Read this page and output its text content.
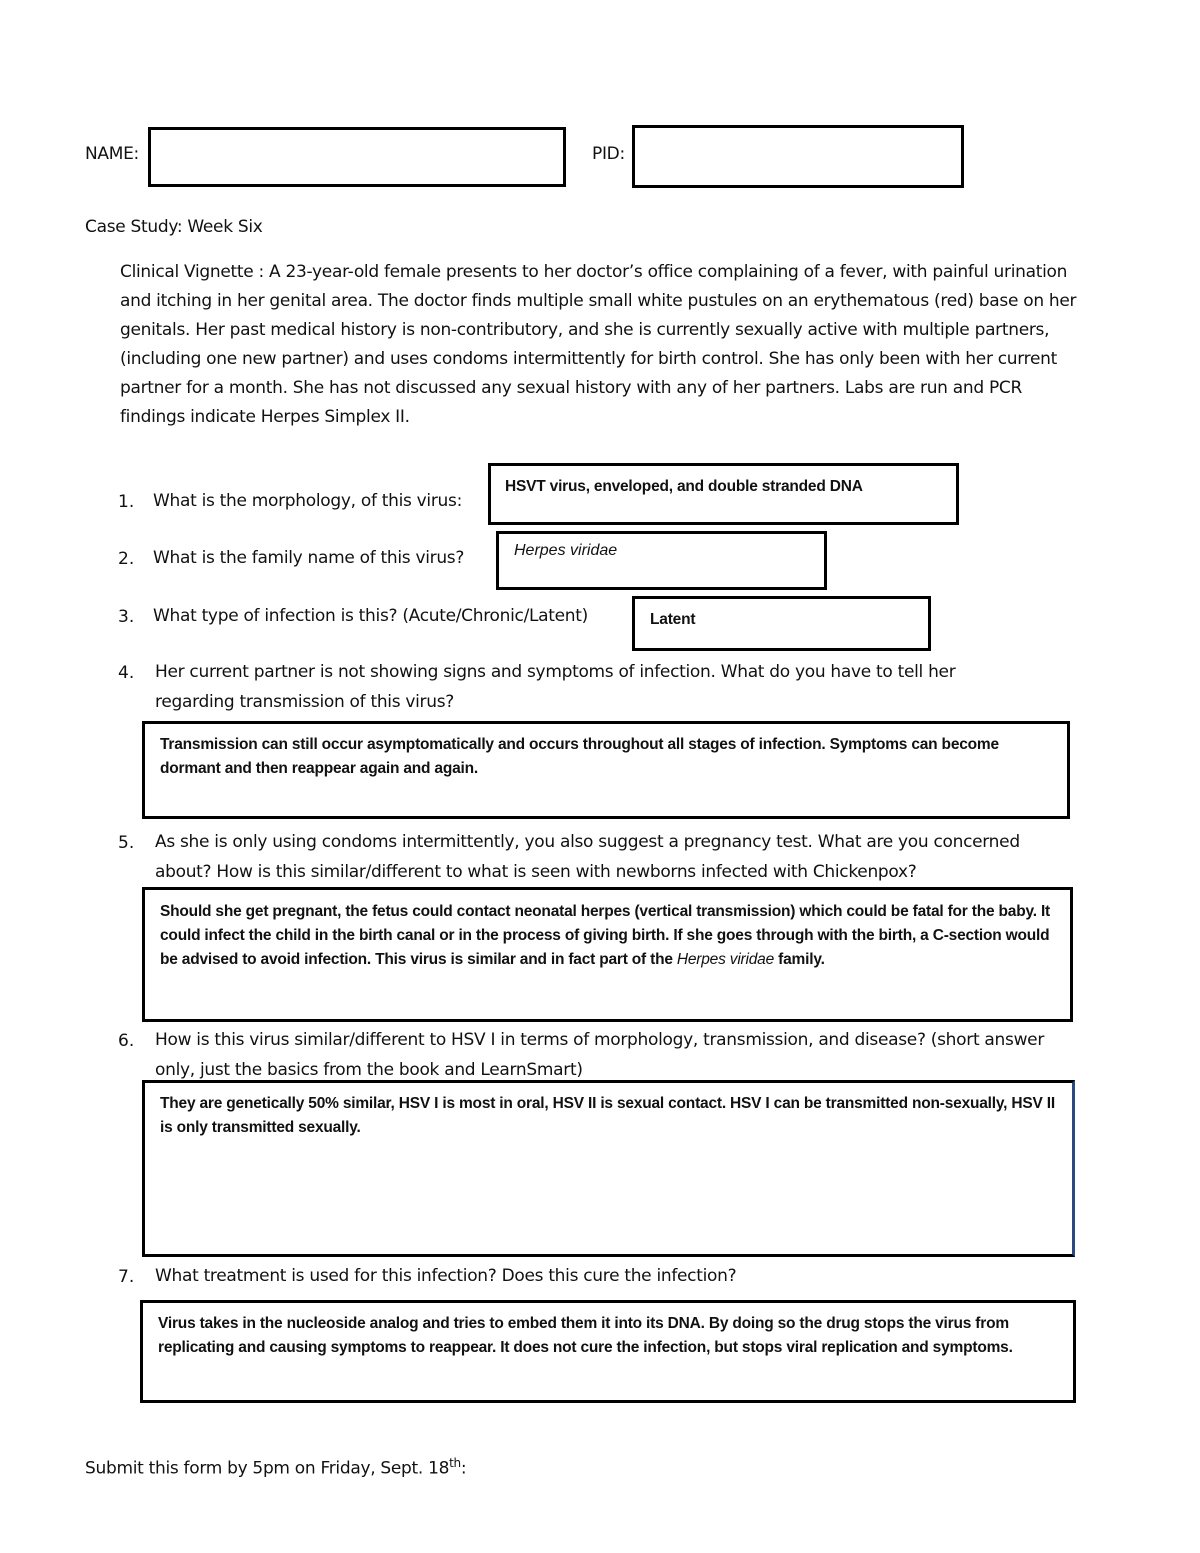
NAME:	PID:
Case Study: Week Six
Clinical Vignette : A 23-year-old female presents to her doctor’s office complaining of a fever, with painful urination and itching in her genital area. The doctor finds multiple small white pustules on an erythematous (red) base on her genitals. Her past medical history is non-contributory, and she is currently sexually active with multiple partners, (including one new partner) and uses condoms intermittently for birth control. She has only been with her current partner for a month. She has not discussed any sexual history with any of her partners. Labs are run and PCR findings indicate Herpes Simplex II.
1. What is the morphology, of this virus:
HSVT virus, enveloped, and double stranded DNA
2. What is the family name of this virus?	Herpes viridae
3. What type of infection is this? (Acute/Chronic/Latent)	Latent
4. Her current partner is not showing signs and symptoms of infection. What do you have to tell her regarding transmission of this virus?
Transmission can still occur asymptomatically and occurs throughout all stages of infection. Symptoms can become dormant and then reappear again and again.
5. As she is only using condoms intermittently, you also suggest a pregnancy test. What are you concerned about? How is this similar/different to what is seen with newborns infected with Chickenpox?
Should she get pregnant, the fetus could contact neonatal herpes (vertical transmission) which could be fatal for the baby. It could infect the child in the birth canal or in the process of giving birth. If she goes through with the birth, a C-section would be advised to avoid infection. This virus is similar and in fact part of the Herpes viridae family.
6. How is this virus similar/different to HSV I in terms of morphology, transmission, and disease? (short answer only, just the basics from the book and LearnSmart)
They are genetically 50% similar, HSV I is most in oral, HSV II is sexual contact. HSV I can be transmitted non-sexually, HSV II is only transmitted sexually.
7. What treatment is used for this infection? Does this cure the infection?
Virus takes in the nucleoside analog and tries to embed them it into its DNA. By doing so the drug stops the virus from replicating and causing symptoms to reappear. It does not cure the infection, but stops viral replication and symptoms.
Submit this form by 5pm on Friday, Sept. 18th:
